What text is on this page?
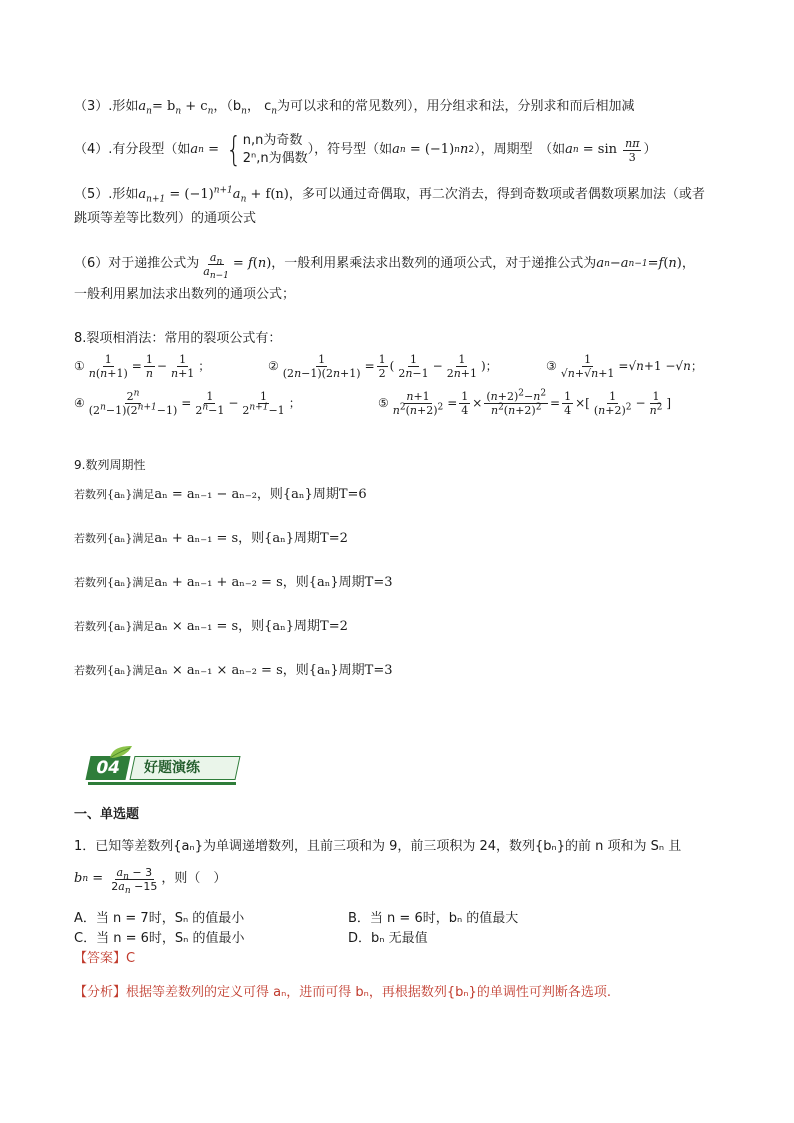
（3）.形如$a_n= b_n + c_n$，（$b_n$， $c_n$为可以求和的常见数列），用分组求和法，分别求和而后相加减
（4）.有分段型（如 a n = { n,n为奇数
2ⁿ,n为偶数
），符号型（如 a n = (−1) n n 2 ），周期型　（如 a $n = \sin \frac{n\pi}{3}$ ）
（5）.形如$a_{n+1} = (-1)^{n+1}a_n + f(n)$，多可以通过奇偶取，再二次消去，得到奇数项或者偶数项累加法（或者
跳项等差等比数列）的通项公式
（6）对于递推公式为 $\frac{a_n}{a_{n-1}} = f$ ( n ) ，一般利用累乘法求出数列的通项公式，对于递推公式为 a n − a n−1 = f ( n )，
一般利用累加法求出数列的通项公式；
8.裂项相消法：常用的裂项公式有：
① $\frac{1}{n(n+1)} = \frac{1}{n} - \frac{1}{n+1}$ ；	② $\frac{1}{(2n-1)(2n+1)} = \frac{1}{2}$ ( $\frac{1}{2n-1} - \frac{1}{2n+1}$ )；	③ $\frac{1}{√n+√n+1} =√n+1 -√n$；
④ $\frac{2^n}{(2^n-1)(2^{n+1}-1)} = \frac{1}{2^n-1} - \frac{1}{2^{n+1}-1}$ ；	⑤ $\frac{n+1}{n^2(n+2)^2} = \frac{1}{4} \times \frac{(n+2)^2-n^2}{n^2(n+2)^2} = \frac{1}{4}$ ×[ $\frac{1}{(n+2)^2} - \frac{1}{n^2}$ ]
9.数列周期性
若数列{aₙ}满足aₙ = aₙ₋₁ − aₙ₋₂，则{aₙ}周期T=6
若数列{aₙ}满足aₙ + aₙ₋₁ = s，则{aₙ}周期T=2
若数列{aₙ}满足aₙ + aₙ₋₁ + aₙ₋₂ = s，则{aₙ}周期T=3
若数列{aₙ}满足aₙ × aₙ₋₁ = s，则{aₙ}周期T=2
若数列{aₙ}满足aₙ × aₙ₋₁ × aₙ₋₂ = s，则{aₙ}周期T=3
04	好题演练
一、单选题
1．已知等差数列{aₙ}为单调递增数列，且前三项和为 9，前三项积为 24，数列{bₙ}的前 n 项和为 Sₙ 且
b $n = \frac{a_n - 3}{2a_n -15}$ ，则（　）
A．当 n = 7时，Sₙ 的值最小	B．当 n = 6时，bₙ 的值最大
C．当 n = 6时，Sₙ 的值最小	D．bₙ 无最值
【答案】C
【分析】根据等差数列的定义可得 aₙ，进而可得 bₙ，再根据数列{bₙ}的单调性可判断各选项.
